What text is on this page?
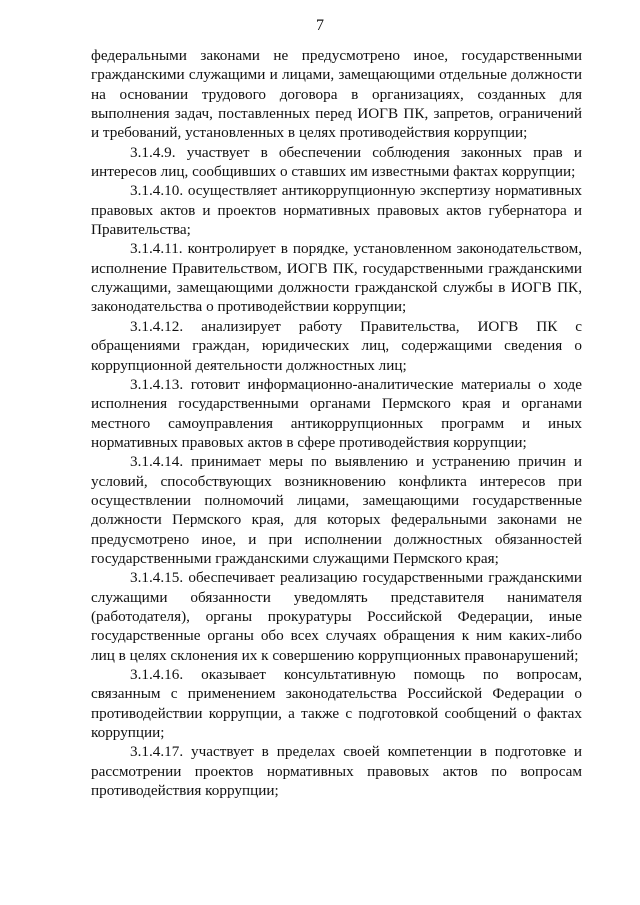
7

федеральными законами не предусмотрено иное, государственными гражданскими служащими и лицами, замещающими отдельные должности на основании трудового договора в организациях, созданных для выполнения задач, поставленных перед ИОГВ ПК, запретов, ограничений и требований, установленных в целях противодействия коррупции;

3.1.4.9. участвует в обеспечении соблюдения законных прав и интересов лиц, сообщивших о ставших им известными фактах коррупции;

3.1.4.10. осуществляет антикоррупционную экспертизу нормативных правовых актов и проектов нормативных правовых актов губернатора и Правительства;

3.1.4.11. контролирует в порядке, установленном законодательством, исполнение Правительством, ИОГВ ПК, государственными гражданскими служащими, замещающими должности гражданской службы в ИОГВ ПК, законодательства о противодействии коррупции;

3.1.4.12. анализирует работу Правительства, ИОГВ ПК с обращениями граждан, юридических лиц, содержащими сведения о коррупционной деятельности должностных лиц;

3.1.4.13. готовит информационно-аналитические материалы о ходе исполнения государственными органами Пермского края и органами местного самоуправления антикоррупционных программ и иных нормативных правовых актов в сфере противодействия коррупции;

3.1.4.14. принимает меры по выявлению и устранению причин и условий, способствующих возникновению конфликта интересов при осуществлении полномочий лицами, замещающими государственные должности Пермского края, для которых федеральными законами не предусмотрено иное, и при исполнении должностных обязанностей государственными гражданскими служащими Пермского края;

3.1.4.15. обеспечивает реализацию государственными гражданскими служащими обязанности уведомлять представителя нанимателя (работодателя), органы прокуратуры Российской Федерации, иные государственные органы обо всех случаях обращения к ним каких-либо лиц в целях склонения их к совершению коррупционных правонарушений;

3.1.4.16. оказывает консультативную помощь по вопросам, связанным с применением законодательства Российской Федерации о противодействии коррупции, а также с подготовкой сообщений о фактах коррупции;

3.1.4.17. участвует в пределах своей компетенции в подготовке и рассмотрении проектов нормативных правовых актов по вопросам противодействия коррупции;
